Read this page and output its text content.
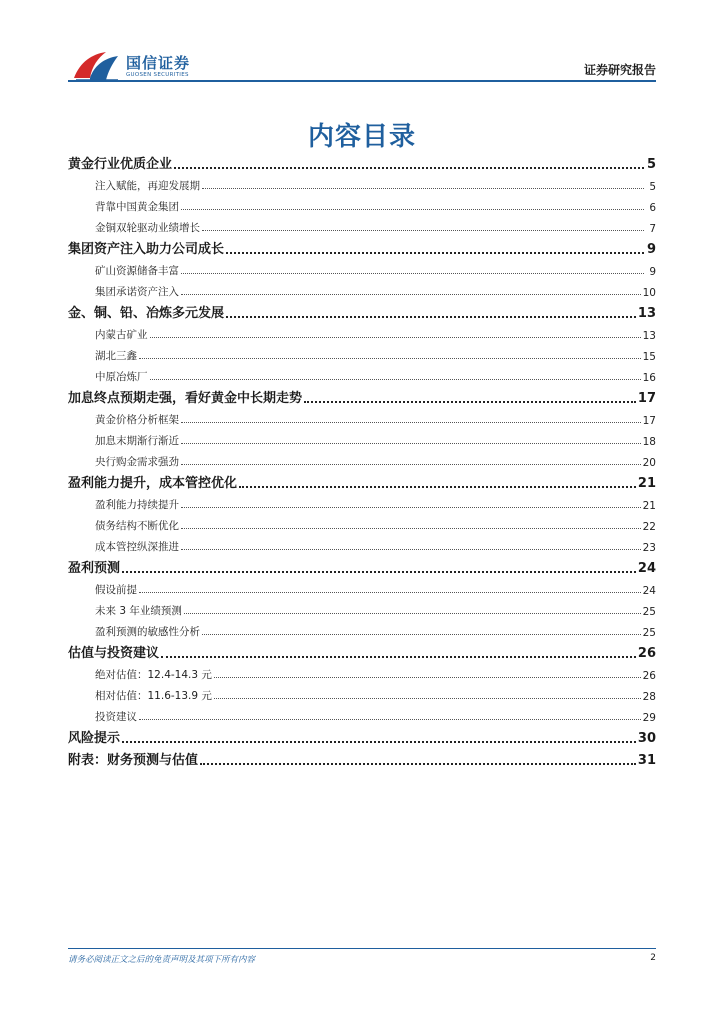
国信证券
GUOSEN SECURITIES	证券研究报告
内容目录
黄金行业优质企业	5
注入赋能，再迎发展期	5
背靠中国黄金集团	6
金铜双轮驱动业绩增长	7
集团资产注入助力公司成长	9
矿山资源储备丰富	9
集团承诺资产注入	10
金、铜、铅、冶炼多元发展	13
内蒙古矿业	13
湖北三鑫	15
中原冶炼厂	16
加息终点预期走强，看好黄金中长期走势	17
黄金价格分析框架	17
加息末期渐行渐近	18
央行购金需求强劲	20
盈利能力提升，成本管控优化	21
盈利能力持续提升	21
债务结构不断优化	22
成本管控纵深推进	23
盈利预测	24
假设前提	24
未来 3 年业绩预测	25
盈利预测的敏感性分析	25
估值与投资建议	26
绝对估值：12.4-14.3 元	26
相对估值：11.6-13.9 元	28
投资建议	29
风险提示	30
附表：财务预测与估值	31
请务必阅读正文之后的免责声明及其项下所有内容	2
